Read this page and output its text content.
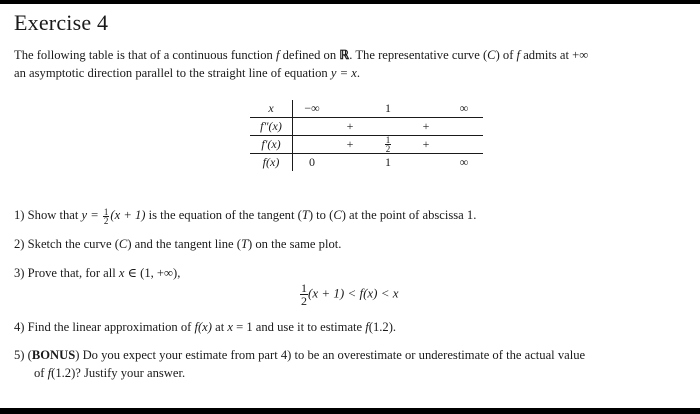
Exercise 4
The following table is that of a continuous function f defined on ℝ. The representative curve (C) of f admits at +∞
an asymptotic direction parallel to the straight line of equation y = x.
x	−∞		1		∞
f″(x)		+		+	
f′(x)		+	$\frac{1}{2}$	+	
f(x)	0		1		∞
1) Show that $y = \frac{1}{2} (x + 1)$ is the equation of the tangent (T) to (C) at the point of abscissa 1.
2) Sketch the curve (C) and the tangent line (T) on the same plot.
3) Prove that, for all x ∈ (1, +∞),
$\frac{1}{2} (x + 1) < f(x) < x$
4) Find the linear approximation of f(x) at x = 1 and use it to estimate f(1.2).
5) (BONUS) Do you expect your estimate from part 4) to be an overestimate or underestimate of the actual value
of f(1.2)? Justify your answer.
